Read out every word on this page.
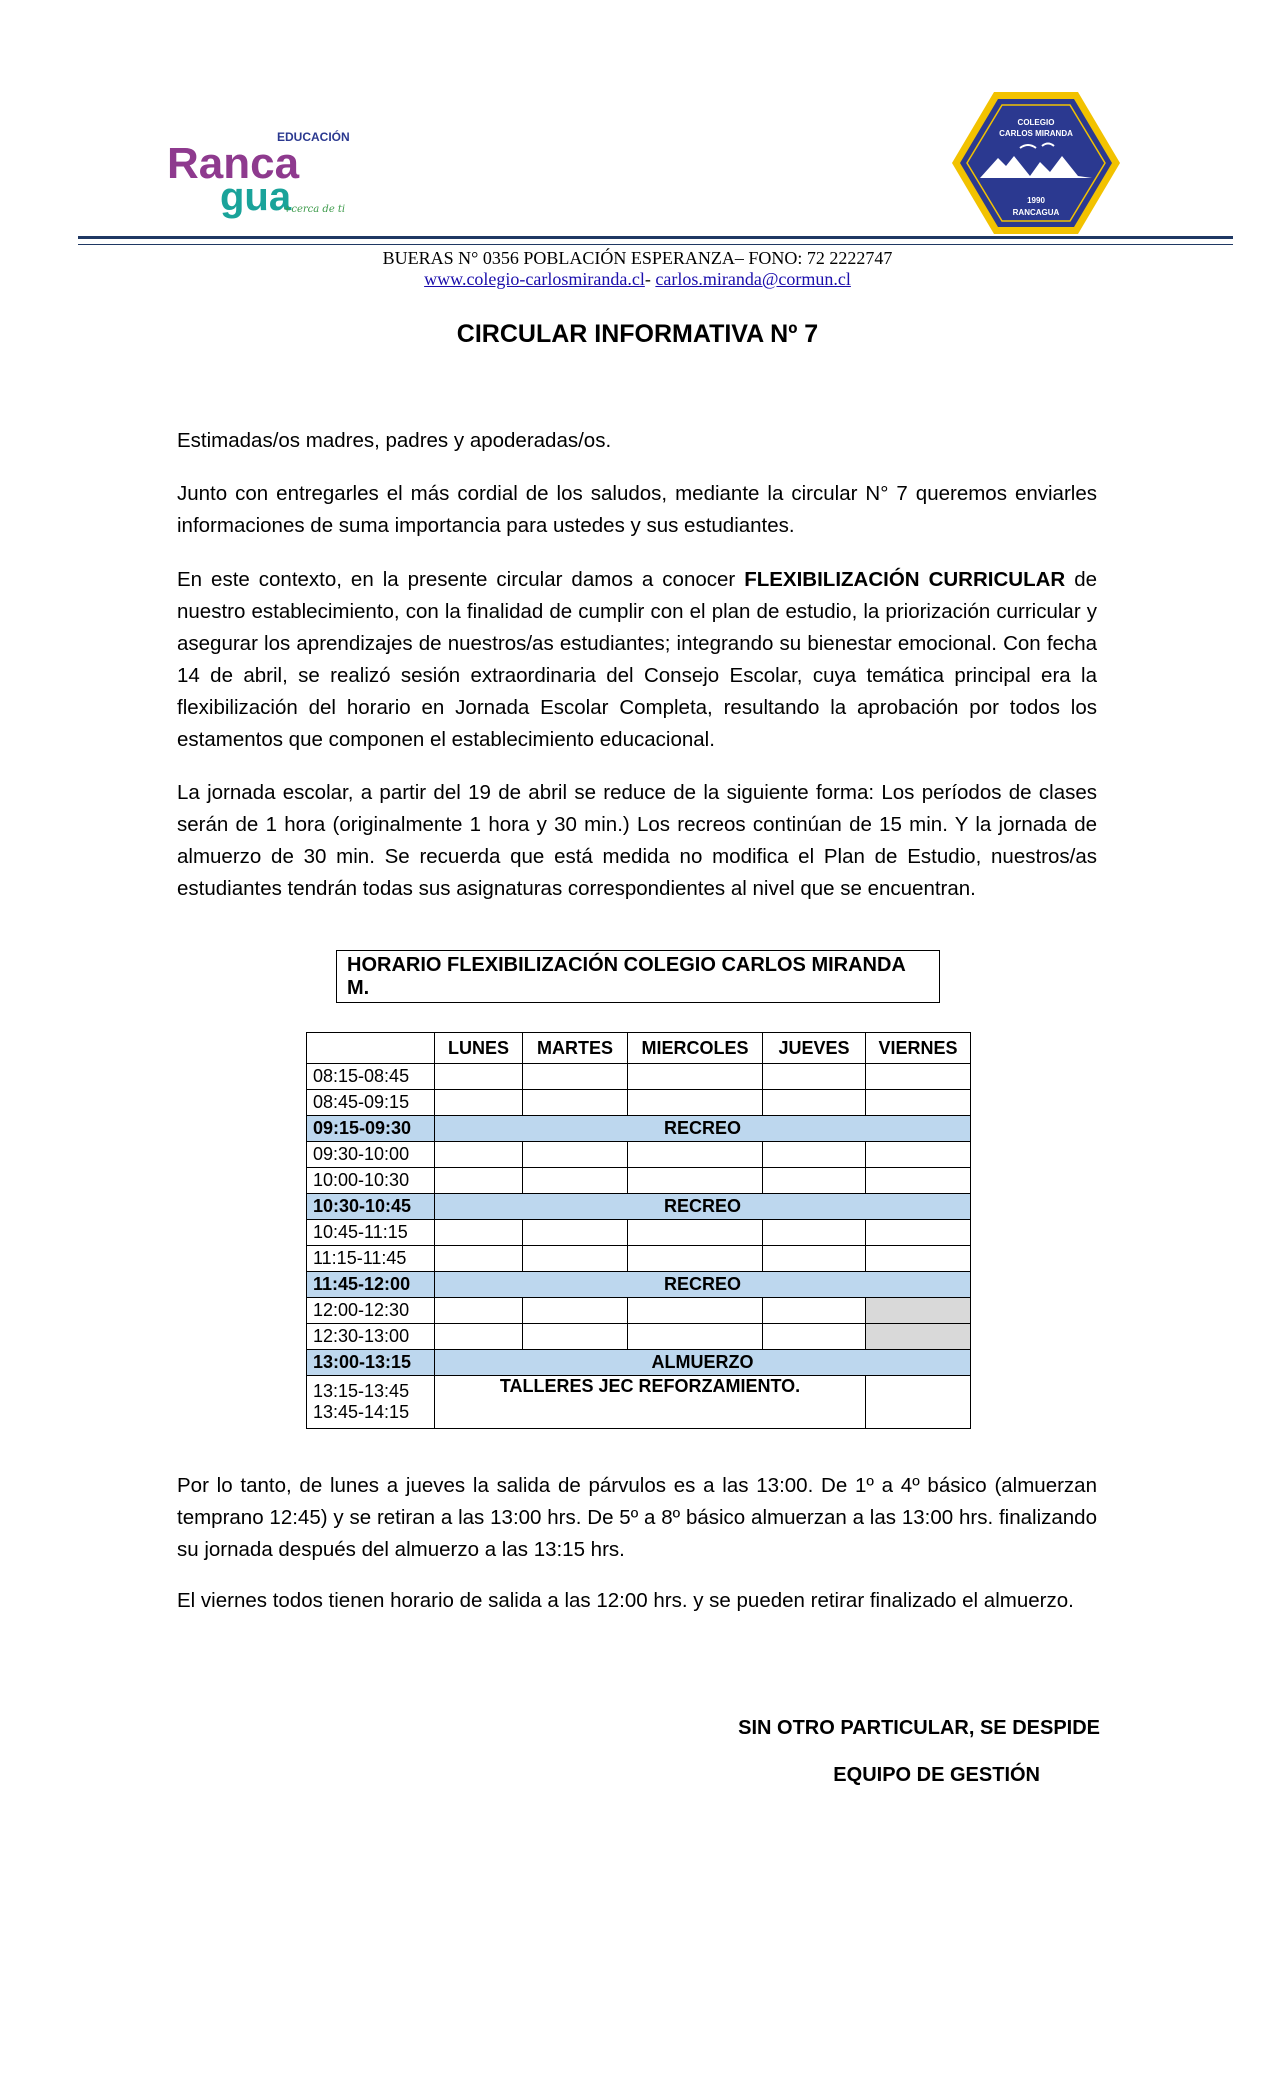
EDUCACIÓN
Ranca
gua
+cerca de ti
COLEGIO
CARLOS MIRANDA
1990
RANCAGUA
BUERAS N° 0356 POBLACIÓN ESPERANZA– FONO: 72 2222747
www.colegio-carlosmiranda.cl- carlos.miranda@cormun.cl
CIRCULAR INFORMATIVA Nº 7

Estimadas/os madres, padres y apoderadas/os.

Junto con entregarles el más cordial de los saludos, mediante la circular N° 7 queremos enviarles informaciones de suma importancia para ustedes y sus estudiantes.

En este contexto, en la presente circular damos a conocer FLEXIBILIZACIÓN CURRICULAR de nuestro establecimiento, con la finalidad de cumplir con el plan de estudio, la priorización curricular y asegurar los aprendizajes de nuestros/as estudiantes; integrando su bienestar emocional. Con fecha 14 de abril, se realizó sesión extraordinaria del Consejo Escolar, cuya temática principal era la flexibilización del horario en Jornada Escolar Completa, resultando la aprobación por todos los estamentos que componen el establecimiento educacional.

La jornada escolar, a partir del 19 de abril se reduce de la siguiente forma: Los períodos de clases serán de 1 hora (originalmente 1 hora y 30 min.) Los recreos continúan de 15 min. Y la jornada de almuerzo de 30 min. Se recuerda que está medida no modifica el Plan de Estudio, nuestros/as estudiantes tendrán todas sus asignaturas correspondientes al nivel que se encuentran.

HORARIO FLEXIBILIZACIÓN COLEGIO CARLOS MIRANDA M.
	LUNES	MARTES	MIERCOLES	JUEVES	VIERNES
08:15-08:45					
08:45-09:15					
09:15-09:30	RECREO				
09:30-10:00					
10:00-10:30					
10:30-10:45	RECREO				
10:45-11:15					
11:15-11:45					
11:45-12:00	RECREO				
12:00-12:30					
12:30-13:00					
13:00-13:15	ALMUERZO				

13:15-13:45
13:45-14:15	TALLERES JEC REFORZAMIENTO.				

Por lo tanto, de lunes a jueves la salida de párvulos es a las 13:00. De 1º a 4º básico (almuerzan temprano 12:45) y se retiran a las 13:00 hrs. De 5º a 8º básico almuerzan a las 13:00 hrs. finalizando su jornada después del almuerzo a las 13:15 hrs.

El viernes todos tienen horario de salida a las 12:00 hrs. y se pueden retirar finalizado el almuerzo.

SIN OTRO PARTICULAR, SE DESPIDE
EQUIPO DE GESTIÓN
